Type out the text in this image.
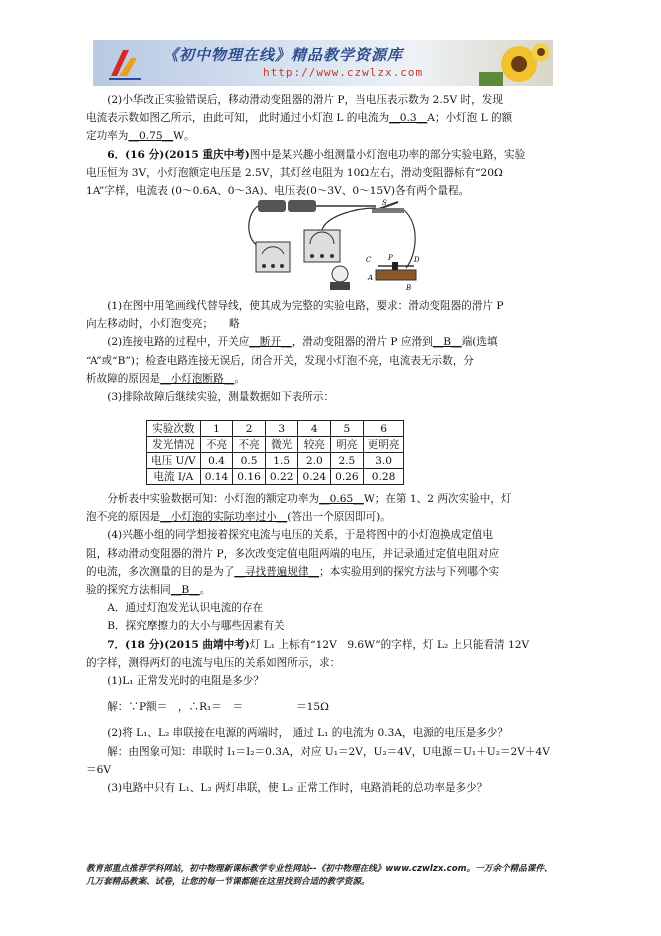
《初中物理在线》精品教学资源库
http://www.czwlzx.com

(2)小华改正实验错误后，移动滑动变阻器的滑片 P，当电压表示数为 2.5V 时，发现

电流表示数如图乙所示，由此可知， 此时通过小灯泡 L 的电流为__0.3__A；小灯泡 L 的额

定功率为__0.75__W。

6．(16 分)(2015 重庆中考)图中是某兴趣小组测量小灯泡电功率的部分实验电路，实验

电压恒为 3V，小灯泡额定电压是 2.5V，其灯丝电阻为 10Ω左右，滑动变阻器标有“20Ω

1A”字样，电流表 (0～0.6A、0～3A)、电压表(0～3V、0～15V)各有两个量程。

S
C P	D
A
B

(1)在图中用笔画线代替导线，使其成为完整的实验电路，要求：滑动变阻器的滑片 P

向左移动时，小灯泡变亮；　　略

(2)连接电路的过程中，开关应__断开__，滑动变阻器的滑片 P 应滑到__B__端(选填

“A”或“B”)；检查电路连接无误后，闭合开关，发现小灯泡不亮，电流表无示数，分

析故障的原因是__小灯泡断路__。

(3)排除故障后继续实验，测量数据如下表所示：

实验次数	1	2	3	4	5	6
发光情况	不亮	不亮	微光	较亮	明亮	更明亮
电压 U/V	0.4	0.5	1.5	2.0	2.5	3.0
电流 I/A	0.14	0.16	0.22	0.24	0.26	0.28

分析表中实验数据可知：小灯泡的额定功率为__0.65__W；在第 1、2 两次实验中，灯

泡不亮的原因是__小灯泡的实际功率过小__(答出一个原因即可)。

(4)兴趣小组的同学想接着探究电流与电压的关系，于是将图中的小灯泡换成定值电

阻，移动滑动变阻器的滑片 P，多次改变定值电阻两端的电压，并记录通过定值电阻对应

的电流，多次测量的目的是为了__寻找普遍规律__；本实验用到的探究方法与下列哪个实

验的探究方法相同__B__。

A．通过灯泡发光认识电流的存在

B．探究摩擦力的大小与哪些因素有关

7．(18 分)(2015 曲靖中考)灯 L₁ 上标有“12V　9.6W”的字样，灯 L₂ 上只能看清 12V

的字样，测得两灯的电流与电压的关系如图所示，求：

(1)L₁ 正常发光时的电阻是多少？

解：∵P额＝　，∴R₁＝　＝　　　　　＝15Ω

(2)将 L₁、L₂ 串联接在电源的两端时， 通过 L₁ 的电流为 0.3A，电源的电压是多少？

解：由图象可知：串联时 I₁＝I₂＝0.3A，对应 U₁＝2V，U₂＝4V，U电源＝U₁＋U₂＝2V＋4V

＝6V

(3)电路中只有 L₁、L₂ 两灯串联，使 L₂ 正常工作时，电路消耗的总功率是多少？

教育部重点推荐学科网站，初中物理新课标教学专业性网站--《初中物理在线》www.czwlzx.com。一万余个精品课件、
几万套精品教案、试卷，让您的每一节课都能在这里找到合适的教学资源。
